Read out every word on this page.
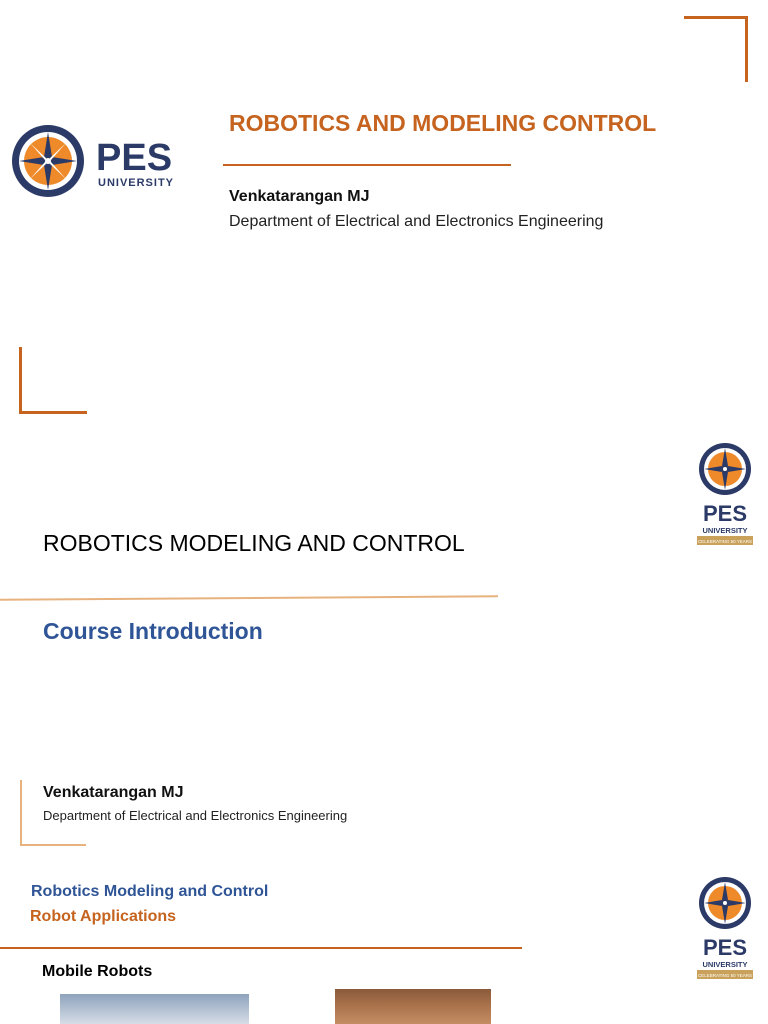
PES
UNIVERSITY
ROBOTICS AND MODELING CONTROL
Venkatarangan MJ
Department of Electrical and Electronics Engineering
PES
UNIVERSITY
CELEBRATING 50 YEARS
ROBOTICS MODELING AND CONTROL
Course Introduction
Venkatarangan MJ
Department of Electrical and Electronics Engineering
PES
UNIVERSITY
CELEBRATING 50 YEARS
Robotics Modeling and Control
Robot Applications
Mobile Robots
